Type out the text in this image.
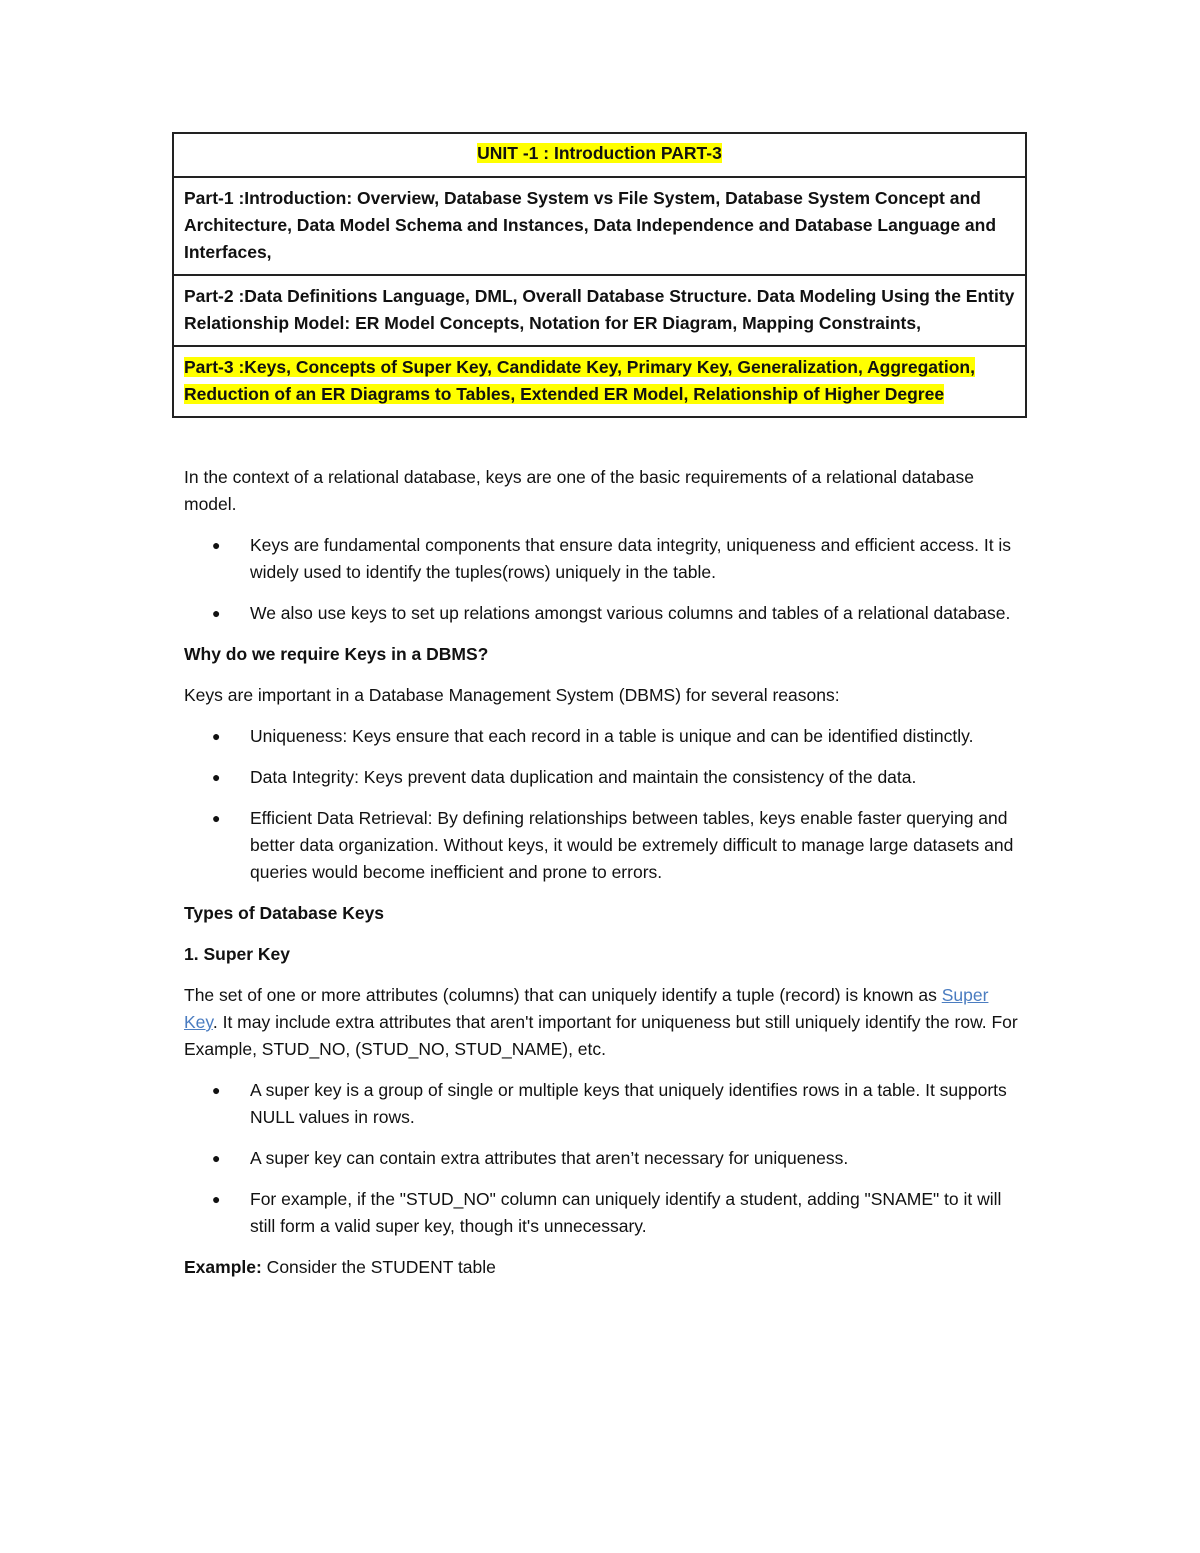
UNIT -1 : Introduction PART-3
Part-1 :Introduction: Overview, Database System vs File System, Database System Concept and Architecture, Data Model Schema and Instances, Data Independence and Database Language and Interfaces,
Part-2 :Data Definitions Language, DML, Overall Database Structure. Data Modeling Using the Entity Relationship Model: ER Model Concepts, Notation for ER Diagram, Mapping Constraints,
Part-3 :Keys, Concepts of Super Key, Candidate Key, Primary Key, Generalization, Aggregation, Reduction of an ER Diagrams to Tables, Extended ER Model, Relationship of Higher Degree

In the context of a relational database, keys are one of the basic requirements of a relational database model.

● Keys are fundamental components that ensure data integrity, uniqueness and efficient access. It is widely used to identify the tuples(rows) uniquely in the table.
● We also use keys to set up relations amongst various columns and tables of a relational database.

Why do we require Keys in a DBMS?

Keys are important in a Database Management System (DBMS) for several reasons:

● Uniqueness: Keys ensure that each record in a table is unique and can be identified distinctly.
● Data Integrity: Keys prevent data duplication and maintain the consistency of the data.
● Efficient Data Retrieval: By defining relationships between tables, keys enable faster querying and better data organization. Without keys, it would be extremely difficult to manage large datasets and queries would become inefficient and prone to errors.

Types of Database Keys

1. Super Key

The set of one or more attributes (columns) that can uniquely identify a tuple (record) is known as Super Key. It may include extra attributes that aren't important for uniqueness but still uniquely identify the row. For Example, STUD_NO, (STUD_NO, STUD_NAME), etc.

● A super key is a group of single or multiple keys that uniquely identifies rows in a table. It supports NULL values in rows.
● A super key can contain extra attributes that aren’t necessary for uniqueness.
● For example, if the "STUD_NO" column can uniquely identify a student, adding "SNAME" to it will still form a valid super key, though it's unnecessary.

Example: Consider the STUDENT table
